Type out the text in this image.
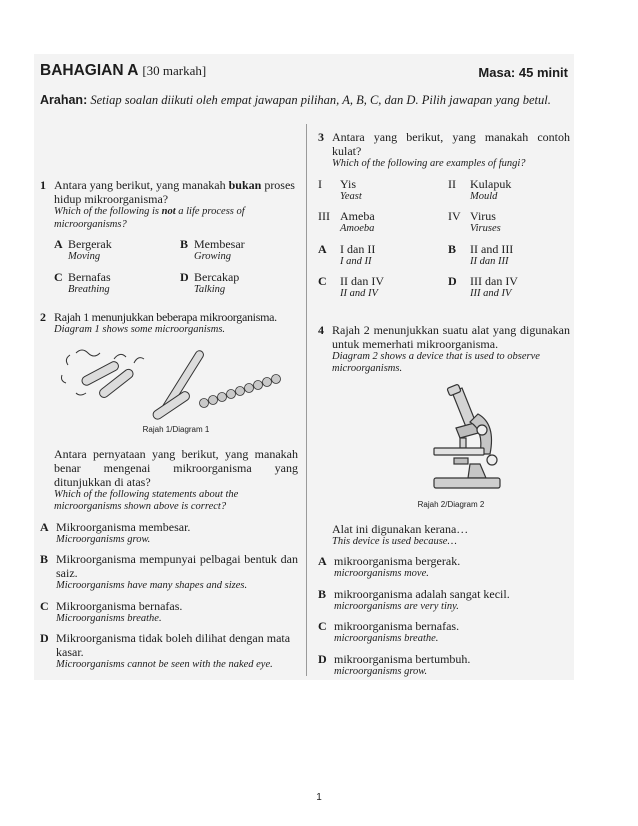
BAHAGIAN A [30 markah]	Masa: 45 minit
Arahan: Setiap soalan diikuti oleh empat jawapan pilihan, A, B, C, dan D. Pilih jawapan yang betul.
1 Antara yang berikut, yang manakah bukan proses hidup mikroorganisma?
Which of the following is not a life process of microorganisms?
A Bergerak
Moving
B Membesar
Growing
C Bernafas
Breathing
D Bercakap
Talking
2 Rajah 1 menunjukkan beberapa mikroorganisma.
Diagram 1 shows some microorganisms.
Rajah 1/Diagram 1
Antara pernyataan yang berikut, yang manakah benar mengenai mikroorganisma yang ditunjukkan di atas?
Which of the following statements about the microorganisms shown above is correct?
A Mikroorganisma membesar.
Microorganisms grow.
B Mikroorganisma mempunyai pelbagai bentuk dan saiz.
Microorganisms have many shapes and sizes.
C Mikroorganisma bernafas.
Microorganisms breathe.
D Mikroorganisma tidak boleh dilihat dengan mata kasar.
Microorganisms cannot be seen with the naked eye.
3 Antara yang berikut, yang manakah contoh kulat?
Which of the following are examples of fungi?
I Yis
Yeast
II Kulapuk
Mould
III Ameba
Amoeba
IV Virus
Viruses
A I dan II
I and II
B II and III
II dan III
C II dan IV
II and IV
D III dan IV
III and IV
4 Rajah 2 menunjukkan suatu alat yang digunakan untuk memerhati mikroorganisma.
Diagram 2 shows a device that is used to observe microorganisms.
Rajah 2/Diagram 2
Alat ini digunakan kerana…
This device is used because…
A mikroorganisma bergerak.
microorganisms move.
B mikroorganisma adalah sangat kecil.
microorganisms are very tiny.
C mikroorganisma bernafas.
microorganisms breathe.
D mikroorganisma bertumbuh.
microorganisms grow.
1
